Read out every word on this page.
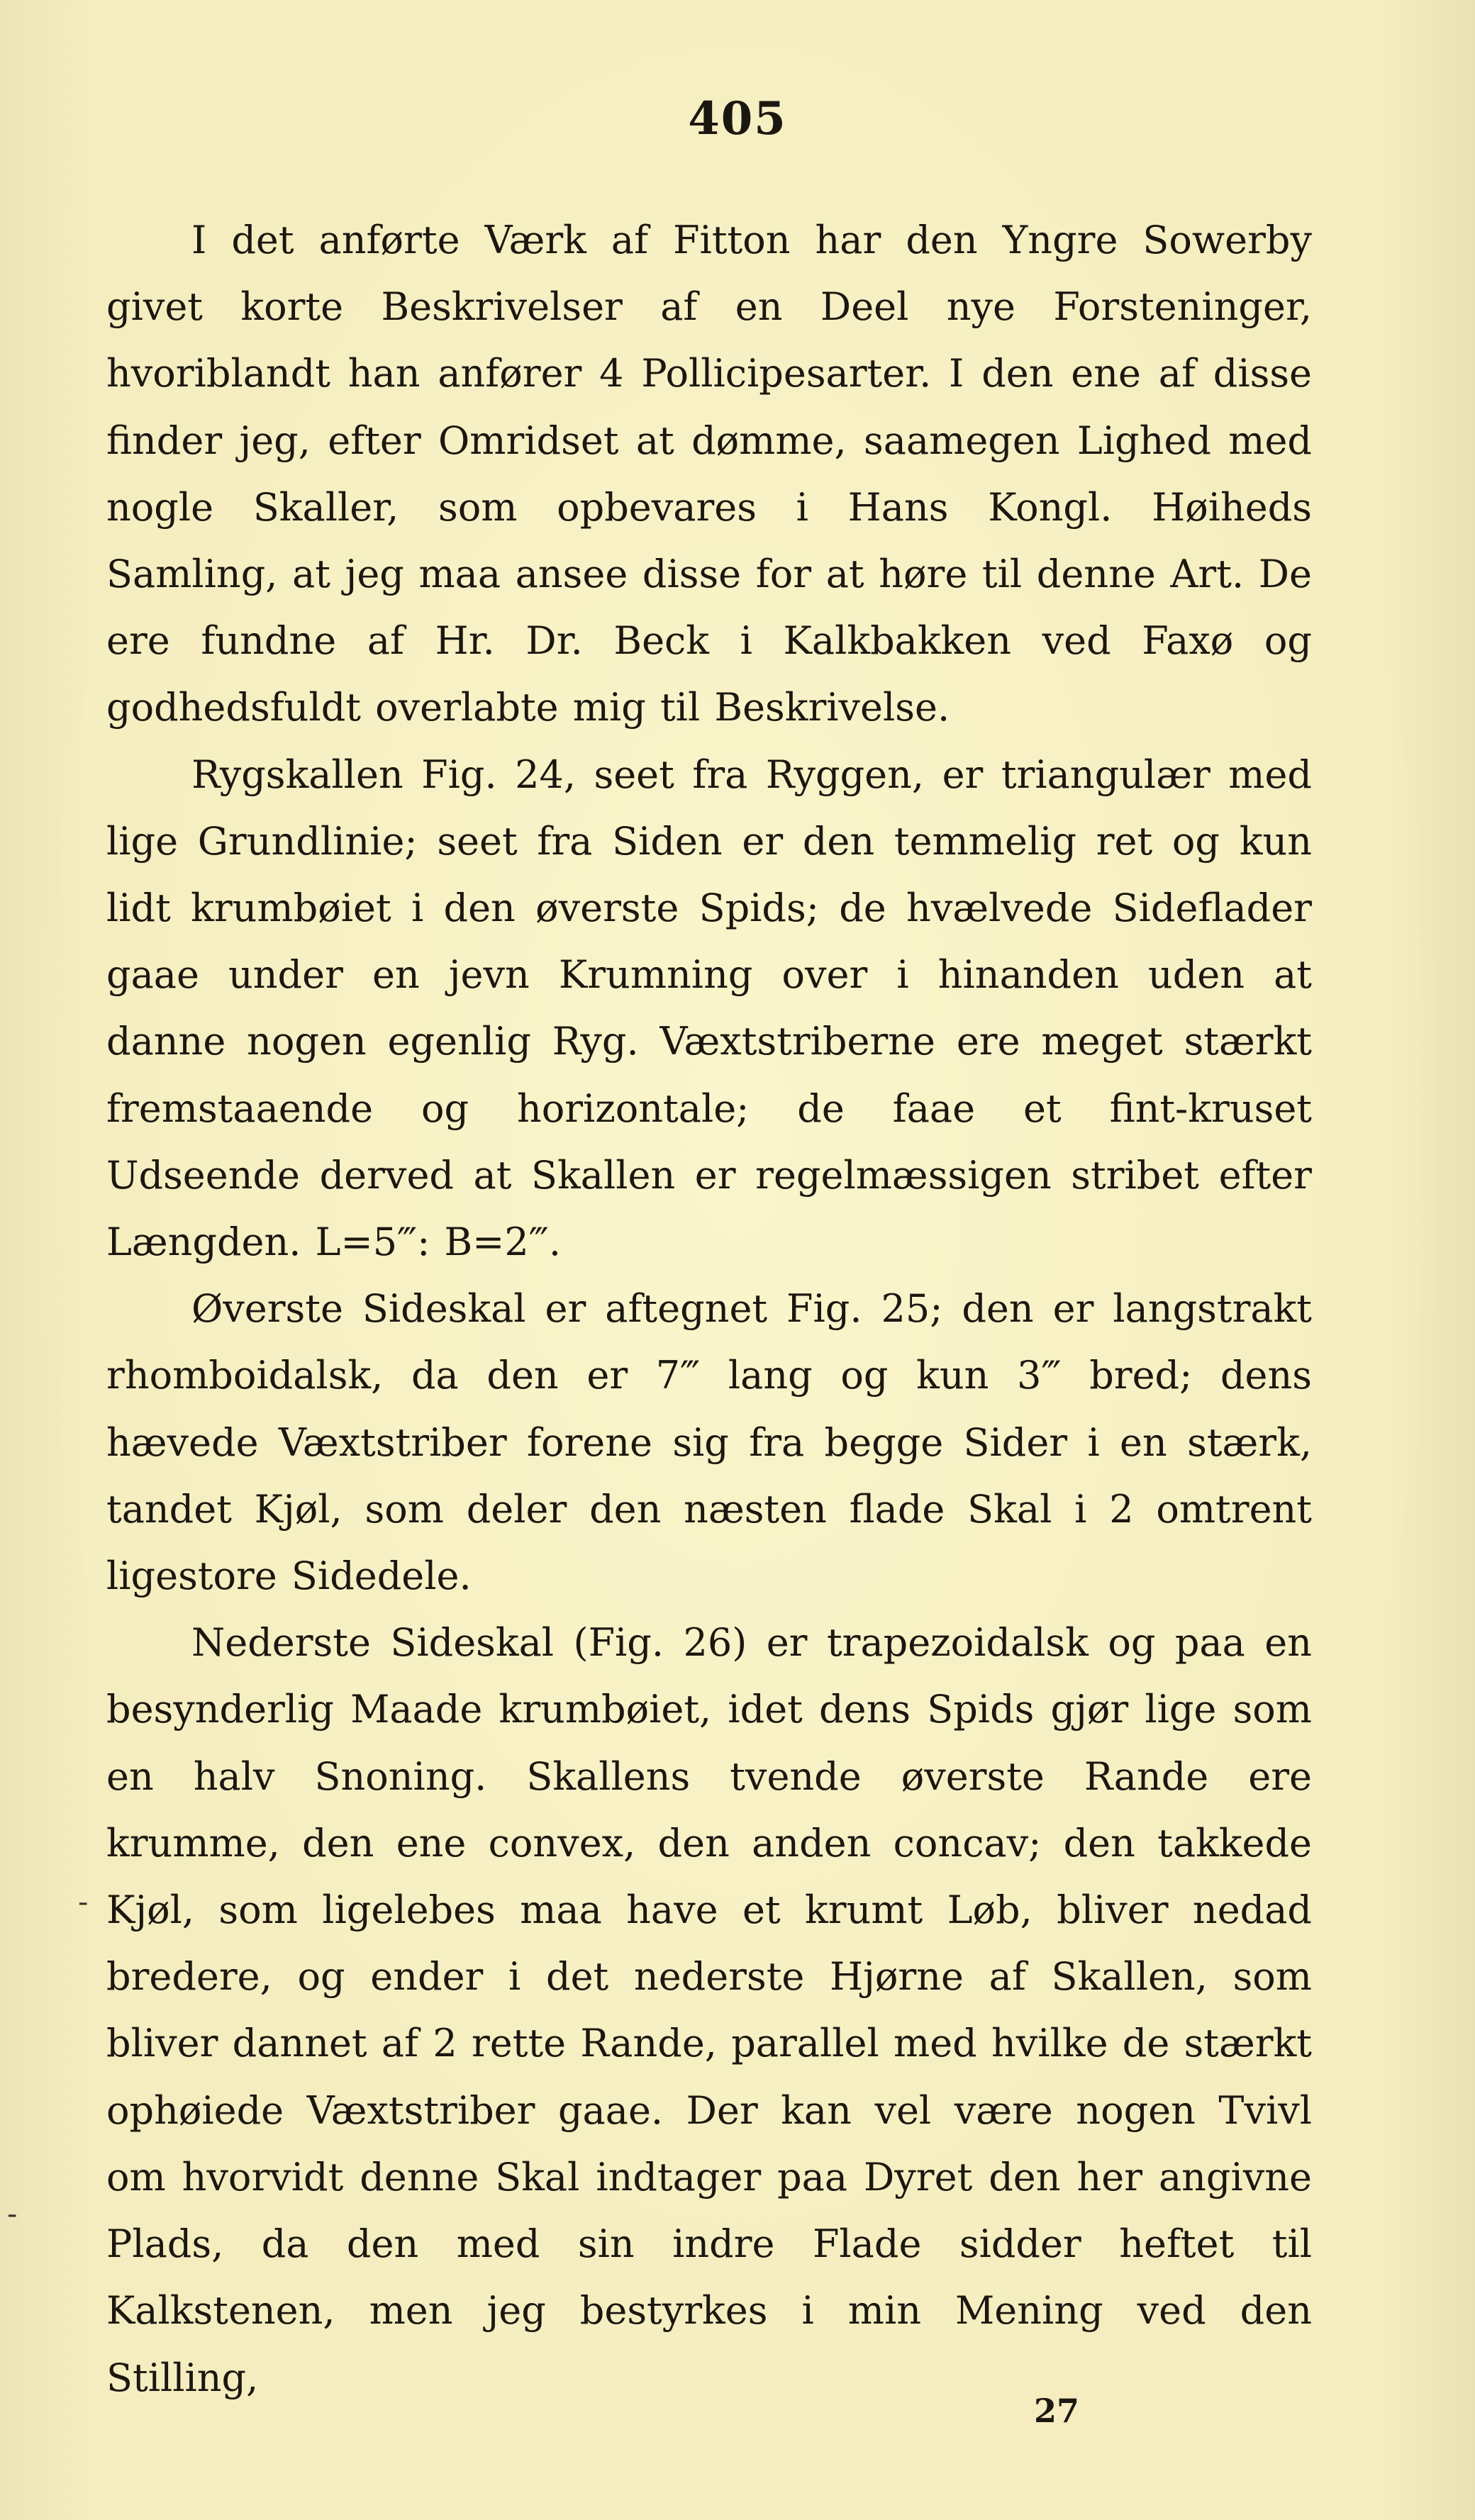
405

I det anførte Værk af Fitton har den Yngre Sowerby givet korte Beskrivelser af en Deel nye Forsteninger, hvoriblandt han anfører 4 Pollicipesarter. I den ene af disse finder jeg, efter Omridset at dømme, saamegen Lighed med nogle Skaller, som opbevares i Hans Kongl. Høiheds Samling, at jeg maa ansee disse for at høre til denne Art. De ere fundne af Hr. Dr. Beck i Kalkbakken ved Faxø og godhedsfuldt overlabte mig til Beskrivelse.

Rygskallen Fig. 24, seet fra Ryggen, er triangulær med lige Grundlinie; seet fra Siden er den temmelig ret og kun lidt krumbøiet i den øverste Spids; de hvælvede Sideflader gaae under en jevn Krumning over i hinanden uden at danne nogen egenlig Ryg. Væxtstriberne ere meget stærkt fremstaaende og horizontale; de faae et fint-kruset Udseende derved at Skallen er regelmæssigen stribet efter Længden. L=5‴: B=2‴.

Øverste Sideskal er aftegnet Fig. 25; den er langstrakt rhomboidalsk, da den er 7‴ lang og kun 3‴ bred; dens hævede Væxtstriber forene sig fra begge Sider i en stærk, tandet Kjøl, som deler den næsten flade Skal i 2 omtrent ligestore Sidedele.

Nederste Sideskal (Fig. 26) er trapezoidalsk og paa en besynderlig Maade krumbøiet, idet dens Spids gjør lige som en halv Snoning. Skallens tvende øverste Rande ere krumme, den ene convex, den anden concav; den takkede Kjøl, som ligelebes maa have et krumt Løb, bliver nedad bredere, og ender i det nederste Hjørne af Skallen, som bliver dannet af 2 rette Rande, parallel med hvilke de stærkt ophøiede Væxtstriber gaae. Der kan vel være nogen Tvivl om hvorvidt denne Skal indtager paa Dyret den her angivne Plads, da den med sin indre Flade sidder heftet til Kalkstenen, men jeg bestyrkes i min Mening ved den Stilling,

27
-
-
